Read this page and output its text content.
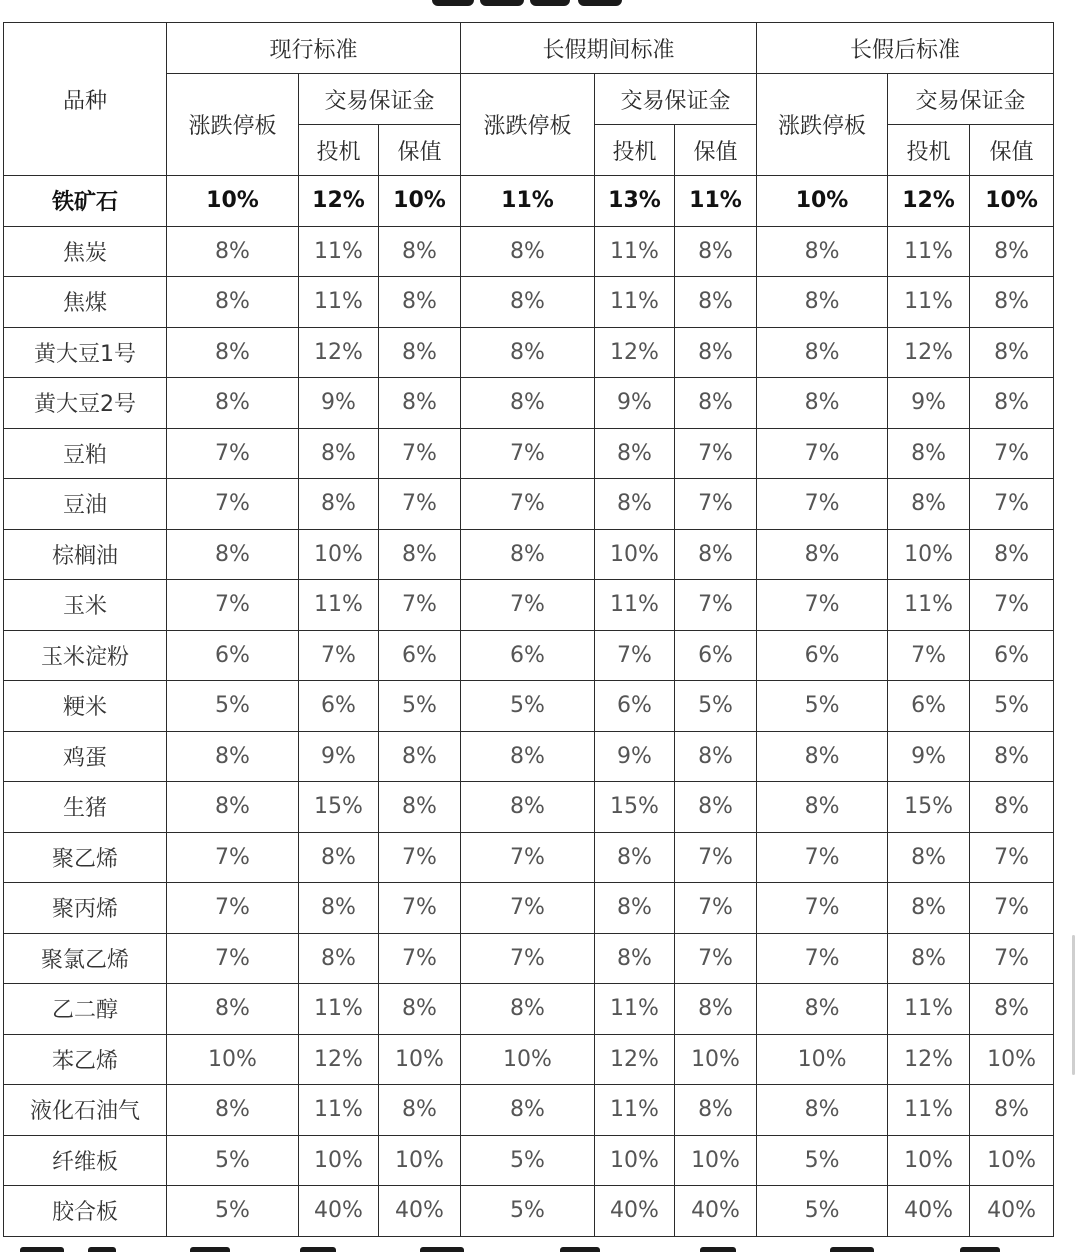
品种	现行标准			长假期间标准			长假后标准		
	涨跌停板	交易保证金		涨跌停板	交易保证金		涨跌停板	交易保证金	
		投机	保值		投机	保值		投机	保值
铁矿石	10%	12%	10%	11%	13%	11%	10%	12%	10%
焦炭	8%	11%	8%	8%	11%	8%	8%	11%	8%
焦煤	8%	11%	8%	8%	11%	8%	8%	11%	8%
黄大豆1号	8%	12%	8%	8%	12%	8%	8%	12%	8%
黄大豆2号	8%	9%	8%	8%	9%	8%	8%	9%	8%
豆粕	7%	8%	7%	7%	8%	7%	7%	8%	7%
豆油	7%	8%	7%	7%	8%	7%	7%	8%	7%
棕榈油	8%	10%	8%	8%	10%	8%	8%	10%	8%
玉米	7%	11%	7%	7%	11%	7%	7%	11%	7%
玉米淀粉	6%	7%	6%	6%	7%	6%	6%	7%	6%
粳米	5%	6%	5%	5%	6%	5%	5%	6%	5%
鸡蛋	8%	9%	8%	8%	9%	8%	8%	9%	8%
生猪	8%	15%	8%	8%	15%	8%	8%	15%	8%
聚乙烯	7%	8%	7%	7%	8%	7%	7%	8%	7%
聚丙烯	7%	8%	7%	7%	8%	7%	7%	8%	7%
聚氯乙烯	7%	8%	7%	7%	8%	7%	7%	8%	7%
乙二醇	8%	11%	8%	8%	11%	8%	8%	11%	8%
苯乙烯	10%	12%	10%	10%	12%	10%	10%	12%	10%
液化石油气	8%	11%	8%	8%	11%	8%	8%	11%	8%
纤维板	5%	10%	10%	5%	10%	10%	5%	10%	10%
胶合板	5%	40%	40%	5%	40%	40%	5%	40%	40%
